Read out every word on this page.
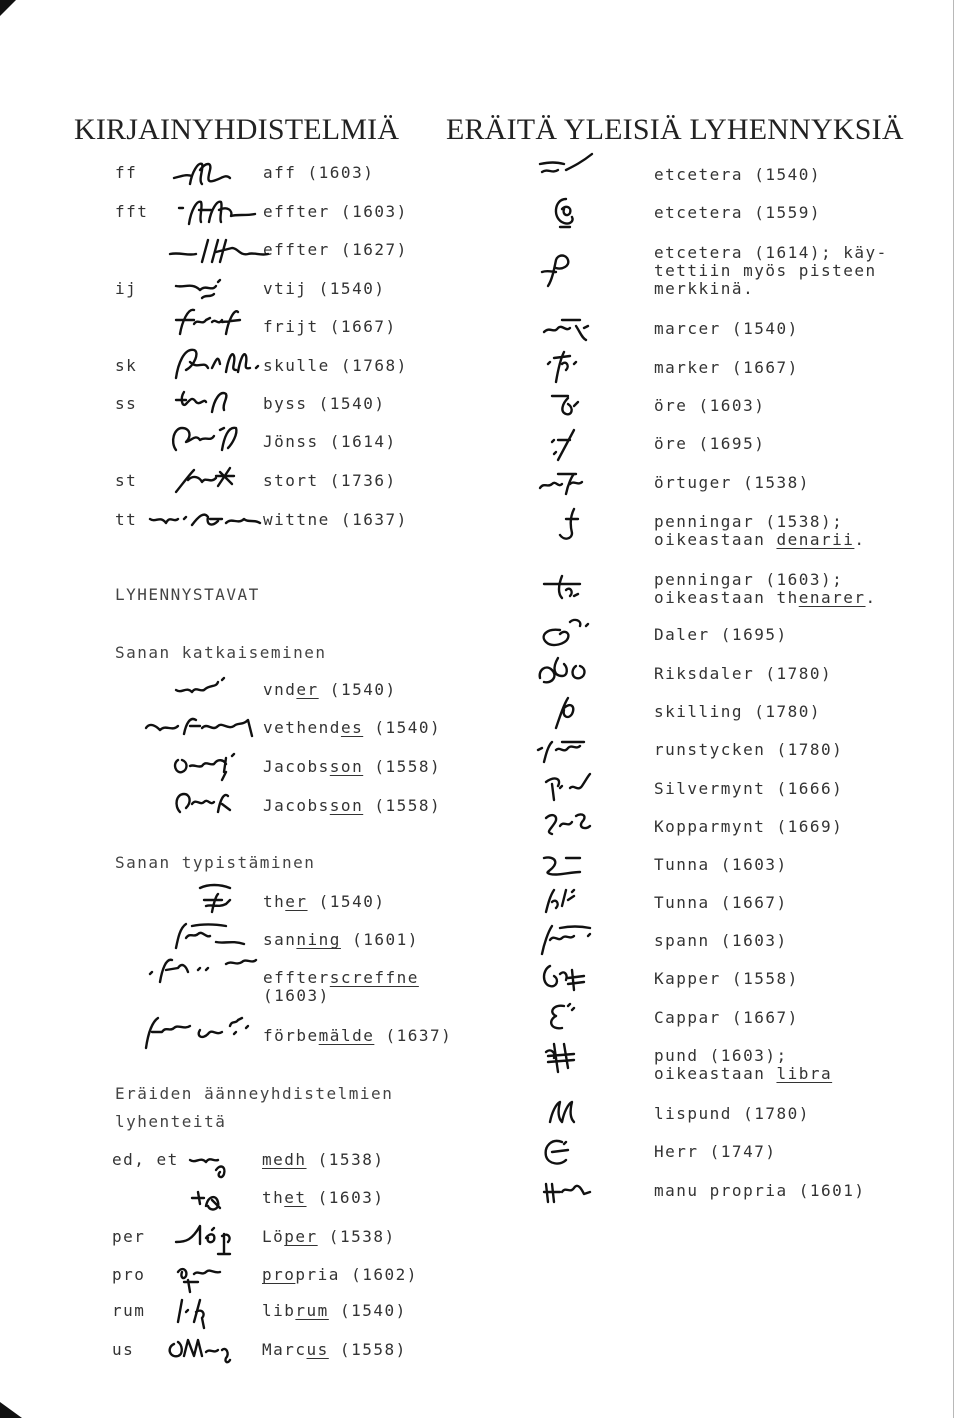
KIRJAINYHDISTELMIÄ ERÄITÄ YLEISIÄ LYHENNYKSIÄ
ff	aff (1603)
fft	effter (1603)
effter (1627)
ij	vtij (1540)
frijt (1667)
sk	skulle (1768)
ss	byss (1540)
Jönss (1614)
st	stort (1736)
tt	wittne (1637)
LYHENNYSTAVAT
Sanan katkaiseminen
vnder (1540)
vethendes (1540)
Jacobsson (1558)
Jacobsson (1558)
Sanan typistäminen
ther (1540)
sanning (1601)
effterscreffne
(1603)
förbemälde (1637)
Eräiden äänneyhdistelmien
lyhenteitä
ed, et	medh (1538)
thet (1603)
per	Löper (1538)
pro	propria (1602)
rum	librum (1540)
us	Marcus (1558)
etcetera (1540)
etcetera (1559)
etcetera (1614); käy-
tettiin myös pisteen
merkkinä.
marcer (1540)
marker (1667)
öre (1603)
öre (1695)
örtuger (1538)
penningar (1538);
oikeastaan denarii.
penningar (1603);
oikeastaan thenarer.
Daler (1695)
Riksdaler (1780)
skilling (1780)
runstycken (1780)
Silvermynt (1666)
Kopparmynt (1669)
Tunna (1603)
Tunna (1667)
spann (1603)
Kapper (1558)
Cappar (1667)
pund (1603);
oikeastaan libra
lispund (1780)
Herr (1747)
manu propria (1601)
